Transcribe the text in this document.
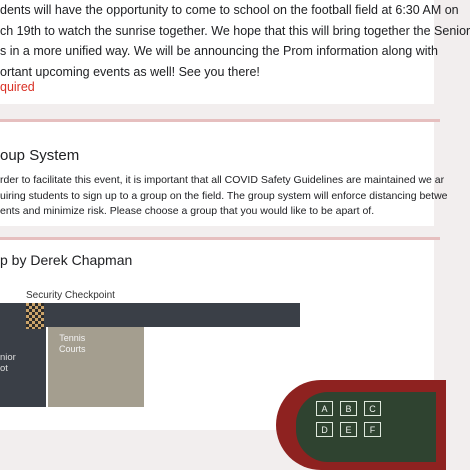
dents will have the opportunity to come to school on the football field at 6:30 AM on
ch 19th to watch the sunrise together. We hope that this will bring together the Senior
s in a more unified way. We will be announcing the Prom information along with
ortant upcoming events as well! See you there!
quired
oup System
rder to facilitate this event, it is important that all COVID Safety Guidelines are maintained we ar
uiring students to sign up to a group on the field. The group system will enforce distancing betwe
ents and minimize risk. Please choose a group that you would like to be apart of.
p by Derek Chapman
Security Checkpoint
nior
ot
Tennis
Courts
A	B	C
D	E	F
